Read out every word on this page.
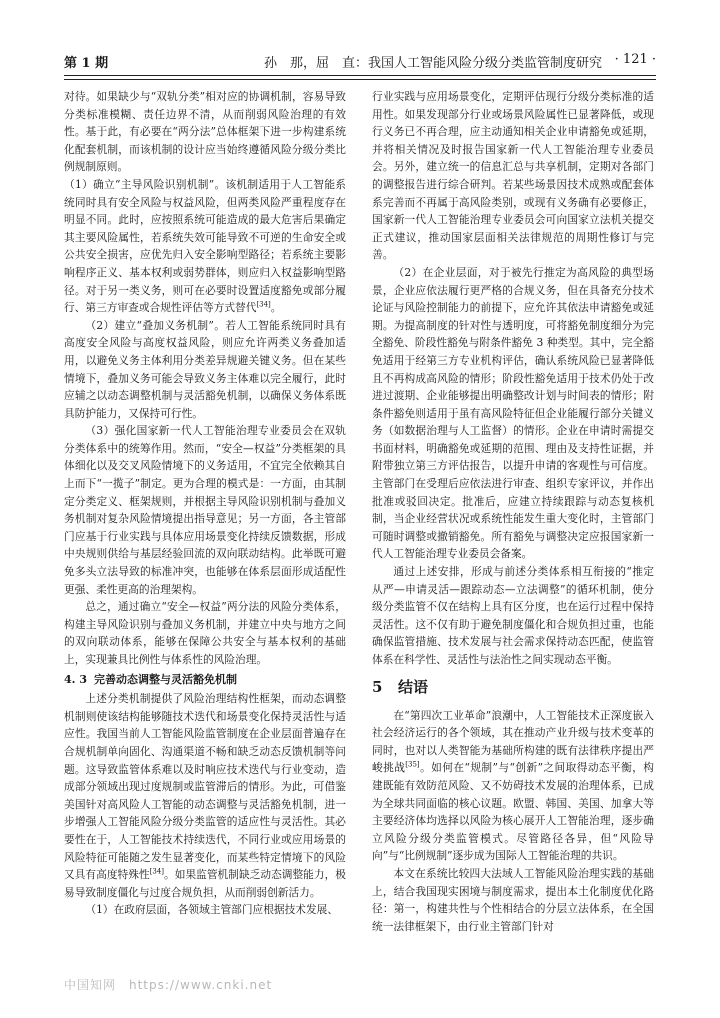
第 1 期	孙　那，屈　直：我国人工智能风险分级分类监管制度研究 · 121 ·

对待。如果缺少与“双轨分类”相对应的协调机制，容易导致分类标准模糊、责任边界不清，从而削弱风险治理的有效性。基于此，有必要在“两分法”总体框架下进一步构建系统化配套机制，而该机制的设计应当始终遵循风险分级分类比例规制原则。

（1）确立“主导风险识别机制”。该机制适用于人工智能系统同时具有安全风险与权益风险，但两类风险严重程度存在明显不同。此时，应按照系统可能造成的最大危害后果确定其主要风险属性，若系统失效可能导致不可逆的生命安全或公共安全损害，应优先归入安全影响型路径；若系统主要影响程序正义、基本权利或弱势群体，则应归入权益影响型路径。对于另一类义务，则可在必要时设置适度豁免或部分履行、第三方审查或合规性评估等方式替代

[34]。

（2）建立“叠加义务机制”。若人工智能系统同时具有高度安全风险与高度权益风险，则应允许两类义务叠加适用，以避免义务主体利用分类差异规避关键义务。但在某些情境下，叠加义务可能会导致义务主体难以完全履行，此时应辅之以动态调整机制与灵活豁免机制，以确保义务体系既具防护能力，又保持可行性。

（3）强化国家新一代人工智能治理专业委员会在双轨分类体系中的统筹作用。然而，“安全—权益”分类框架的具体细化以及交叉风险情境下的义务适用，不宜完全依赖其自上而下“一揽子”制定。更为合理的模式是：一方面，由其制定分类定义、框架规则，并根据主导风险识别机制与叠加义务机制对复杂风险情境提出指导意见；另一方面，各主管部门应基于行业实践与具体应用场景变化持续反馈数据，形成中央规则供给与基层经验回流的双向联动结构。此举既可避免多头立法导致的标准冲突，也能够在体系层面形成适配性更强、柔性更高的治理架构。

总之，通过确立“安全—权益”两分法的风险分类体系，构建主导风险识别与叠加义务机制，并建立中央与地方之间的双向联动体系，能够在保障公共安全与基本权利的基础上，实现兼具比例性与体系性的风险治理。

4. 3 完善动态调整与灵活豁免机制

上述分类机制提供了风险治理结构性框架，而动态调整机制则使该结构能够随技术迭代和场景变化保持灵活性与适应性。我国当前人工智能风险监管制度在企业层面普遍存在合规机制单向固化、沟通渠道不畅和缺乏动态反馈机制等问题。这导致监管体系难以及时响应技术迭代与行业变动，造成部分领域出现过度规制或监管滞后的情形。为此，可借鉴美国针对高风险人工智能的动态调整与灵活豁免机制，进一步增强人工智能风险分级分类监管的适应性与灵活性。其必要性在于，人工智能技术持续迭代，不同行业或应用场景的风险特征可能随之发生显著变化，而某些特定情境下的风险又具有高度特殊性[34]。如果监管机制缺乏动态调整能力，极易导致制度僵化与过度合规负担，从而削弱创新活力。

（1）在政府层面，各领域主管部门应根据技术发展、

行业实践与应用场景变化，定期评估现行分级分类标准的适用性。如果发现部分行业或场景风险属性已显著降低，或现行义务已不再合理，应主动通知相关企业申请豁免或延期，并将相关情况及时报告国家新一代人工智能治理专业委员会。另外，建立统一的信息汇总与共享机制，定期对各部门的调整报告进行综合研判。若某些场景因技术成熟或配套体系完善而不再属于高风险类别，或现有义务确有必要修正，国家新一代人工智能治理专业委员会可向国家立法机关提交正式建议，推动国家层面相关法律规范的周期性修订与完善。

（2）在企业层面，对于被先行推定为高风险的典型场景，企业应依法履行更严格的合规义务，但在具备充分技术论证与风险控制能力的前提下，应允许其依法申请豁免或延期。为提高制度的针对性与透明度，可将豁免制度细分为完全豁免、阶段性豁免与附条件豁免 3 种类型。其中，完全豁免适用于经第三方专业机构评估，确认系统风险已显著降低且不再构成高风险的情形；阶段性豁免适用于技术仍处于改进过渡期、企业能够提出明确整改计划与时间表的情形；附条件豁免则适用于虽有高风险特征但企业能履行部分关键义务（如数据治理与人工监督）的情形。企业在申请时需提交书面材料，明确豁免或延期的范围、理由及支持性证据，并附带独立第三方评估报告，以提升申请的客观性与可信度。主管部门在受理后应依法进行审查、组织专家评议，并作出批准或驳回决定。批准后，应建立持续跟踪与动态复核机制，当企业经营状况或系统性能发生重大变化时，主管部门可随时调整或撤销豁免。所有豁免与调整决定应报国家新一代人工智能治理专业委员会备案。

通过上述安排，形成与前述分类体系相互衔接的“推定从严—申请灵活—跟踪动态—立法调整”的循环机制，使分级分类监管不仅在结构上具有区分度，也在运行过程中保持灵活性。这不仅有助于避免制度僵化和合规负担过重，也能确保监管措施、技术发展与社会需求保持动态匹配，使监管体系在科学性、灵活性与法治性之间实现动态平衡。

5 结语

在“第四次工业革命”浪潮中，人工智能技术正深度嵌入社会经济运行的各个领域，其在推动产业升级与技术变革的同时，也对以人类智能为基础所构建的既有法律秩序提出严峻挑战[35]。如何在“规制”与“创新”之间取得动态平衡，构建既能有效防范风险、又不妨碍技术发展的治理体系，已成为全球共同面临的核心议题。欧盟、韩国、美国、加拿大等主要经济体均选择以风险为核心展开人工智能治理，逐步确立风险分级分类监管模式。尽管路径各异，但“风险导向”与“比例规制”逐步成为国际人工智能治理的共识。

本文在系统比较四大法域人工智能风险治理实践的基础上，结合我国现实困境与制度需求，提出本土化制度优化路径：第一，构建共性与个性相结合的分层立法体系，在全国统一法律框架下，由行业主管部门针对

中国知网　https://www.cnki.net
